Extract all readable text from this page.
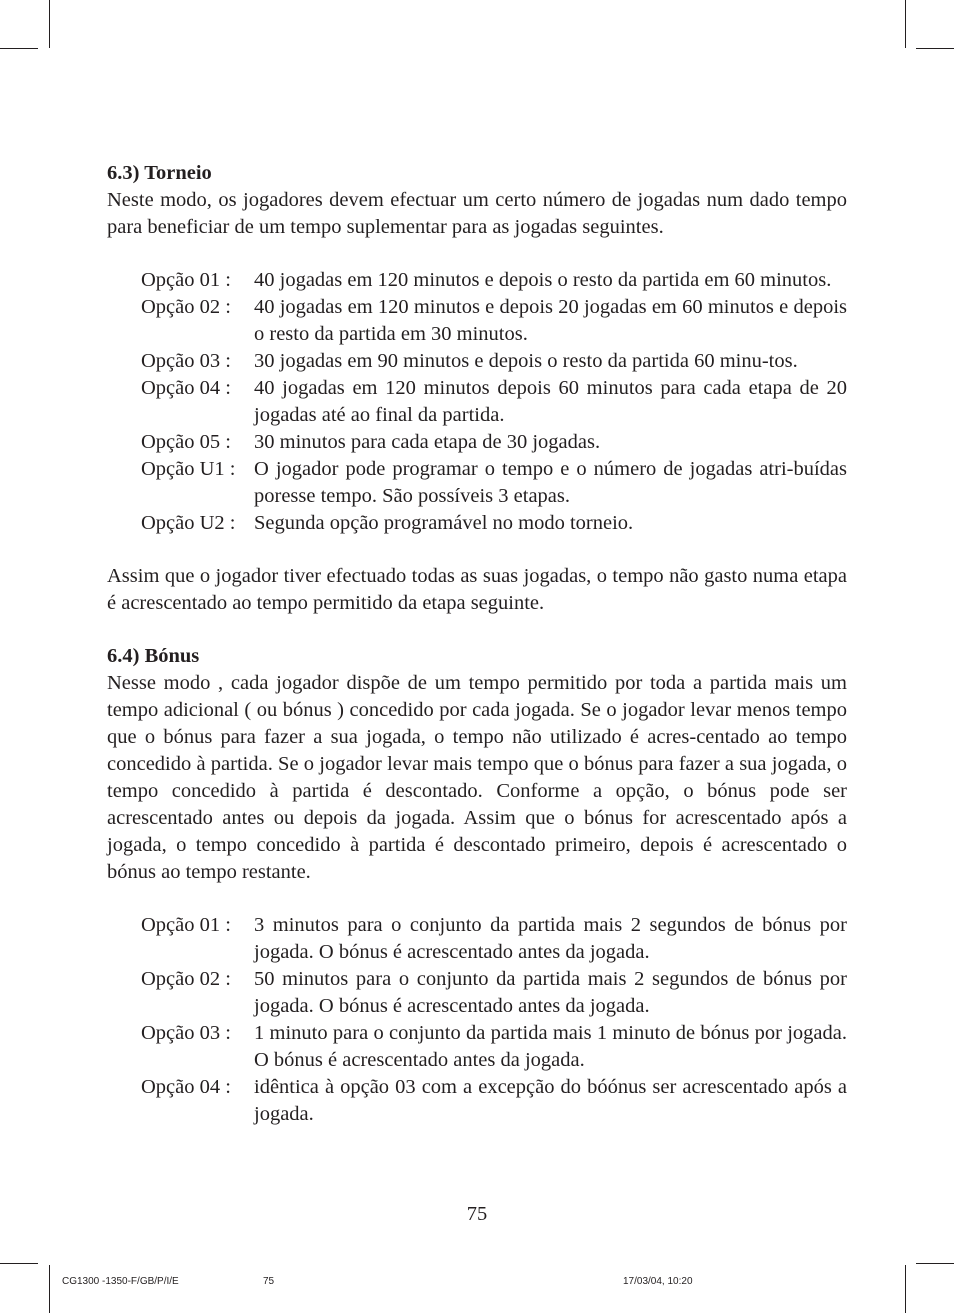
6.3) Torneio

Neste modo, os jogadores devem efectuar um certo número de jogadas num dado tempo para beneficiar de um tempo suplementar para as jogadas seguintes.

Opção 01 :	40 jogadas em 120 minutos e depois o resto da partida em 60 minutos.
Opção 02 :	40 jogadas em 120 minutos e depois 20 jogadas em 60 minutos e depois o resto da partida em 30 minutos.
Opção 03 :	30 jogadas em 90 minutos e depois o resto da partida 60 minu-tos.
Opção 04 :	40 jogadas em 120 minutos depois 60 minutos para cada etapa de 20 jogadas até ao final da partida.
Opção 05 :	30 minutos para cada etapa de 30 jogadas.
Opção U1 : O jogador pode programar o tempo e o número de jogadas atri-buídas poresse tempo. São possíveis 3 etapas.
Opção U2 : Segunda opção programável no modo torneio.

Assim que o jogador tiver efectuado todas as suas jogadas, o tempo não gasto numa etapa é acrescentado ao tempo permitido da etapa seguinte.

6.4) Bónus

Nesse modo , cada jogador dispõe de um tempo permitido por toda a partida mais um tempo adicional ( ou bónus ) concedido por cada jogada. Se o jogador levar menos tempo que o bónus para fazer a sua jogada, o tempo não utilizado é acres-centado ao tempo concedido à partida. Se o jogador levar mais tempo que o bónus para fazer a sua jogada, o tempo concedido à partida é descontado. Conforme a opção, o bónus pode ser acrescentado antes ou depois da jogada. Assim que o bónus for acrescentado após a jogada, o tempo concedido à partida é descontado primeiro, depois é acrescentado o bónus ao tempo restante.

Opção 01 :	3 minutos para o conjunto da partida mais 2 segundos de bónus por jogada. O bónus é acrescentado antes da jogada.
Opção 02 :	50 minutos para o conjunto da partida mais 2 segundos de bónus por jogada. O bónus é acrescentado antes da jogada.
Opção 03 :	1 minuto para o conjunto da partida mais 1 minuto de bónus por jogada. O bónus é acrescentado antes da jogada.
Opção 04 :	idêntica à opção 03 com a excepção do bóónus ser acrescentado após a jogada.
75
CG1300 -1350-F/GB/P/I/E	75	17/03/04, 10:20
